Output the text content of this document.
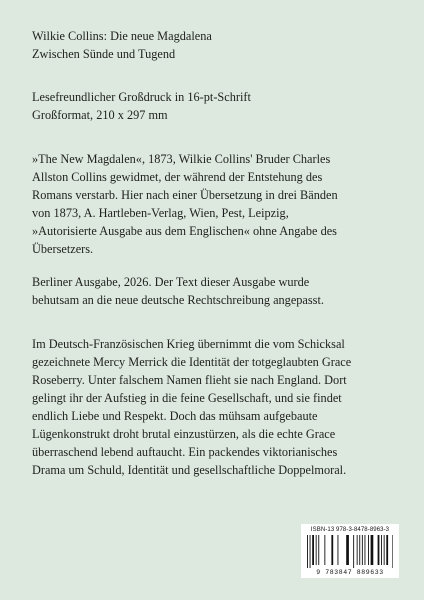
Wilkie Collins: Die neue Magdalena

Zwischen Sünde und Tugend

Lesefreundlicher Großdruck in 16-pt-Schrift

Großformat, 210 x 297 mm

»The New Magdalen«, 1873, Wilkie Collins' Bruder Charles

Allston Collins gewidmet, der während der Entstehung des

Romans verstarb. Hier nach einer Übersetzung in drei Bänden

von 1873, A. Hartleben-Verlag, Wien, Pest, Leipzig,

»Autorisierte Ausgabe aus dem Englischen« ohne Angabe des

Übersetzers.

Berliner Ausgabe, 2026. Der Text dieser Ausgabe wurde

behutsam an die neue deutsche Rechtschreibung angepasst.

Im Deutsch-Französischen Krieg übernimmt die vom Schicksal

gezeichnete Mercy Merrick die Identität der totgeglaubten Grace

Roseberry. Unter falschem Namen flieht sie nach England. Dort

gelingt ihr der Aufstieg in die feine Gesellschaft, und sie findet

endlich Liebe und Respekt. Doch das mühsam aufgebaute

Lügenkonstrukt droht brutal einzustürzen, als die echte Grace

überraschend lebend auftaucht. Ein packendes viktorianisches

Drama um Schuld, Identität und gesellschaftliche Doppelmoral.

ISBN-13 978-3-8478-8963-3
9 783847 889633
